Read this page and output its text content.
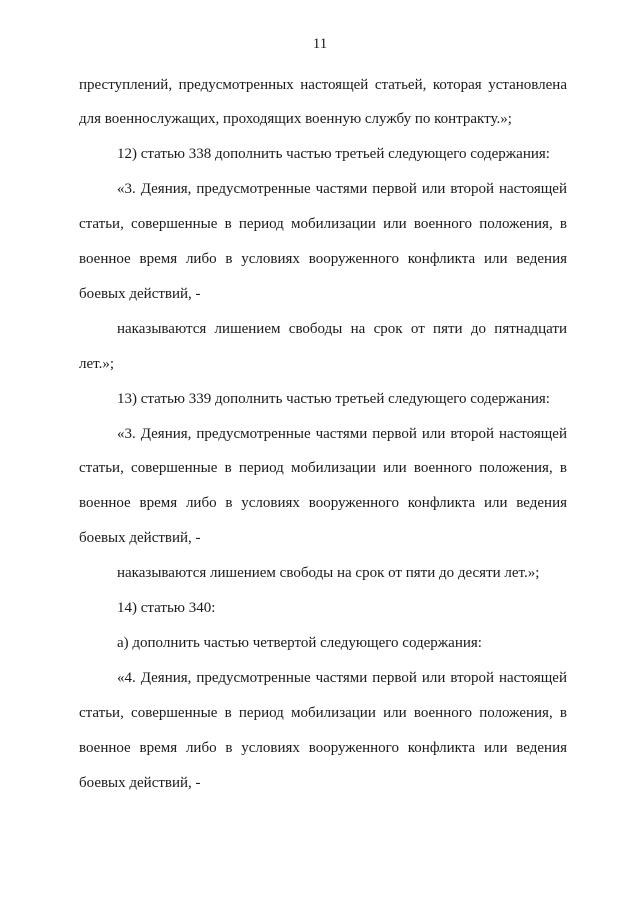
11
преступлений, предусмотренных настоящей статьей, которая установлена
для военнослужащих, проходящих военную службу по контракту.»;
12) статью 338 дополнить частью третьей следующего содержания:
«3. Деяния, предусмотренные частями первой или второй настоящей
статьи, совершенные в период мобилизации или военного положения, в
военное время либо в условиях вооруженного конфликта или ведения
боевых действий, -
наказываются лишением свободы на срок от пяти до пятнадцати
лет.»;
13) статью 339 дополнить частью третьей следующего содержания:
«3. Деяния, предусмотренные частями первой или второй настоящей
статьи, совершенные в период мобилизации или военного положения, в
военное время либо в условиях вооруженного конфликта или ведения
боевых действий, -
наказываются лишением свободы на срок от пяти до десяти лет.»;
14) статью 340:
а) дополнить частью четвертой следующего содержания:
«4. Деяния, предусмотренные частями первой или второй настоящей
статьи, совершенные в период мобилизации или военного положения, в
военное время либо в условиях вооруженного конфликта или ведения
боевых действий, -
